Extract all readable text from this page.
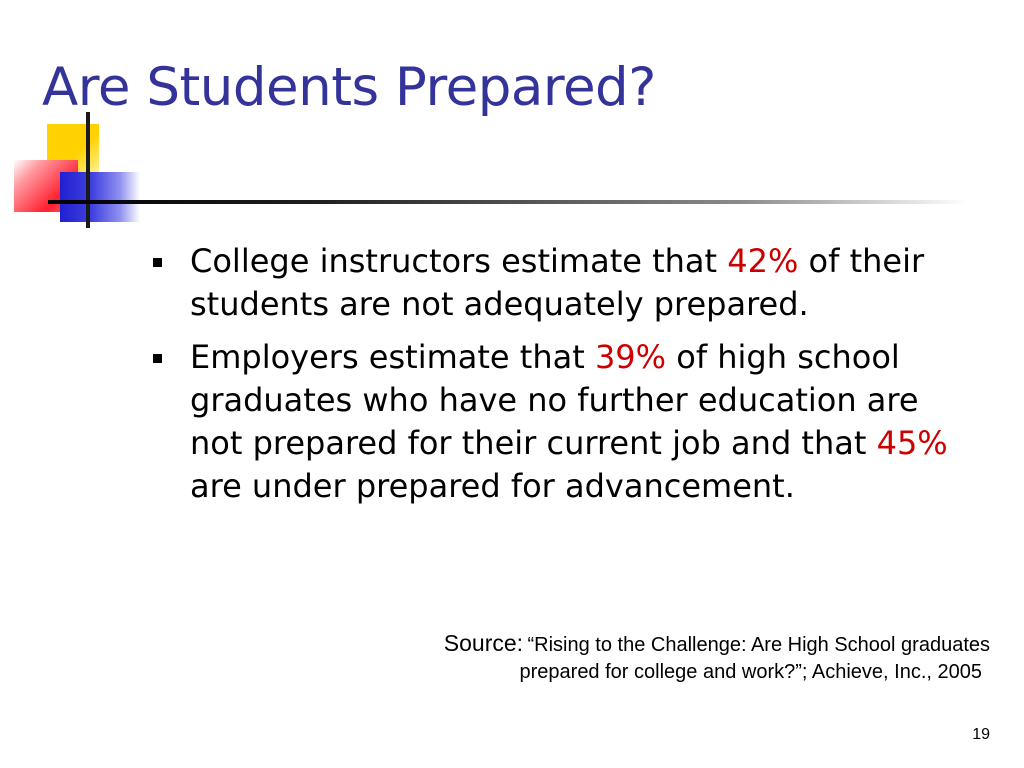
Are Students Prepared?
College instructors estimate that 42% of their students are not adequately prepared.
Employers estimate that 39% of high school graduates who have no further education are not prepared for their current job and that 45% are under prepared for advancement.
Source: “Rising to the Challenge: Are High School graduates
prepared for college and work?”; Achieve, Inc., 2005
19
